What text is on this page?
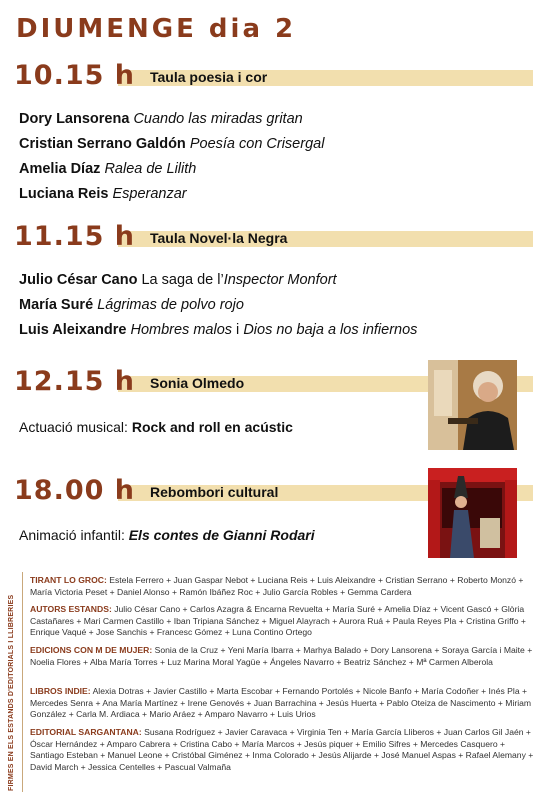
DIUMENGE dia 2
10.15 h Taula poesia i cor
Dory Lansorena Cuando las miradas gritan
Cristian Serrano Galdón Poesía con Crisergal
Amelia Díaz Ralea de Lilith
Luciana Reis Esperanzar
11.15 h Taula Novel·la Negra
Julio César Cano La saga de l’Inspector Monfort
María Suré Lágrimas de polvo rojo
Luis Aleixandre Hombres malos i Dios no baja a los infiernos
12.15 h Sonia Olmedo
Actuació musical: Rock and roll en acústic
18.00 h Rebombori cultural
Animació infantil: Els contes de Gianni Rodari
FIRMES EN ELS ESTANDS D'EDITORIALS I LLIBRERIES
TIRANT LO GROC: Estela Ferrero + Juan Gaspar Nebot + Luciana Reis + Luis Aleixandre + Cristian Serrano + Roberto Monzó + María Victoria Peset + Daniel Alonso + Ramón Ibáñez Roc + Julio García Robles + Gemma Cardera
AUTORS ESTANDS: Julio César Cano + Carlos Azagra & Encarna Revuelta + María Suré + Amelia Díaz + Vicent Gascó + Glòria Castañares + Mari Carmen Castillo + Iban Tripiana Sánchez + Miguel Alayrach + Aurora Ruá + Paula Reyes Pla + Cristina Griffo + Enrique Vaqué + Jose Sanchis + Francesc Gómez + Luna Contino Ortego
EDICIONS CON M DE MUJER: Sonia de la Cruz + Yeni María Ibarra + Marhya Balado + Dory Lansorena + Soraya García i Maite + Noelia Flores + Alba María Torres + Luz Marina Moral Yagüe + Ángeles Navarro + Beatriz Sánchez + Mª Carmen Alberola
LIBROS INDIE: Alexia Dotras + Javier Castillo + Marta Escobar + Fernando Portolés + Nicole Banfo + María Codoñer + Inés Pla + Mercedes Senra + Ana María Martínez + Irene Genovés + Juan Barrachina + Jesús Huerta + Pablo Oteiza de Nascimento + Miriam González + Carla M. Ardiaca + Mario Aráez + Amparo Navarro + Luis Urios
EDITORIAL SARGANTANA: Susana Rodríguez + Javier Caravaca + Virginia Ten + María García Lliberos + Juan Carlos Gil Jaén + Óscar Hernández + Amparo Cabrera + Cristina Cabo + María Marcos + Jesús piquer + Emilio Sifres + Mercedes Casquero + Santiago Esteban + Manuel Leone + Cristóbal Giménez + Inma Colorado + Jesús Alijarde + José Manuel Aspas + Rafael Alemany + David March + Jessica Centelles + Pascual Valmaña
